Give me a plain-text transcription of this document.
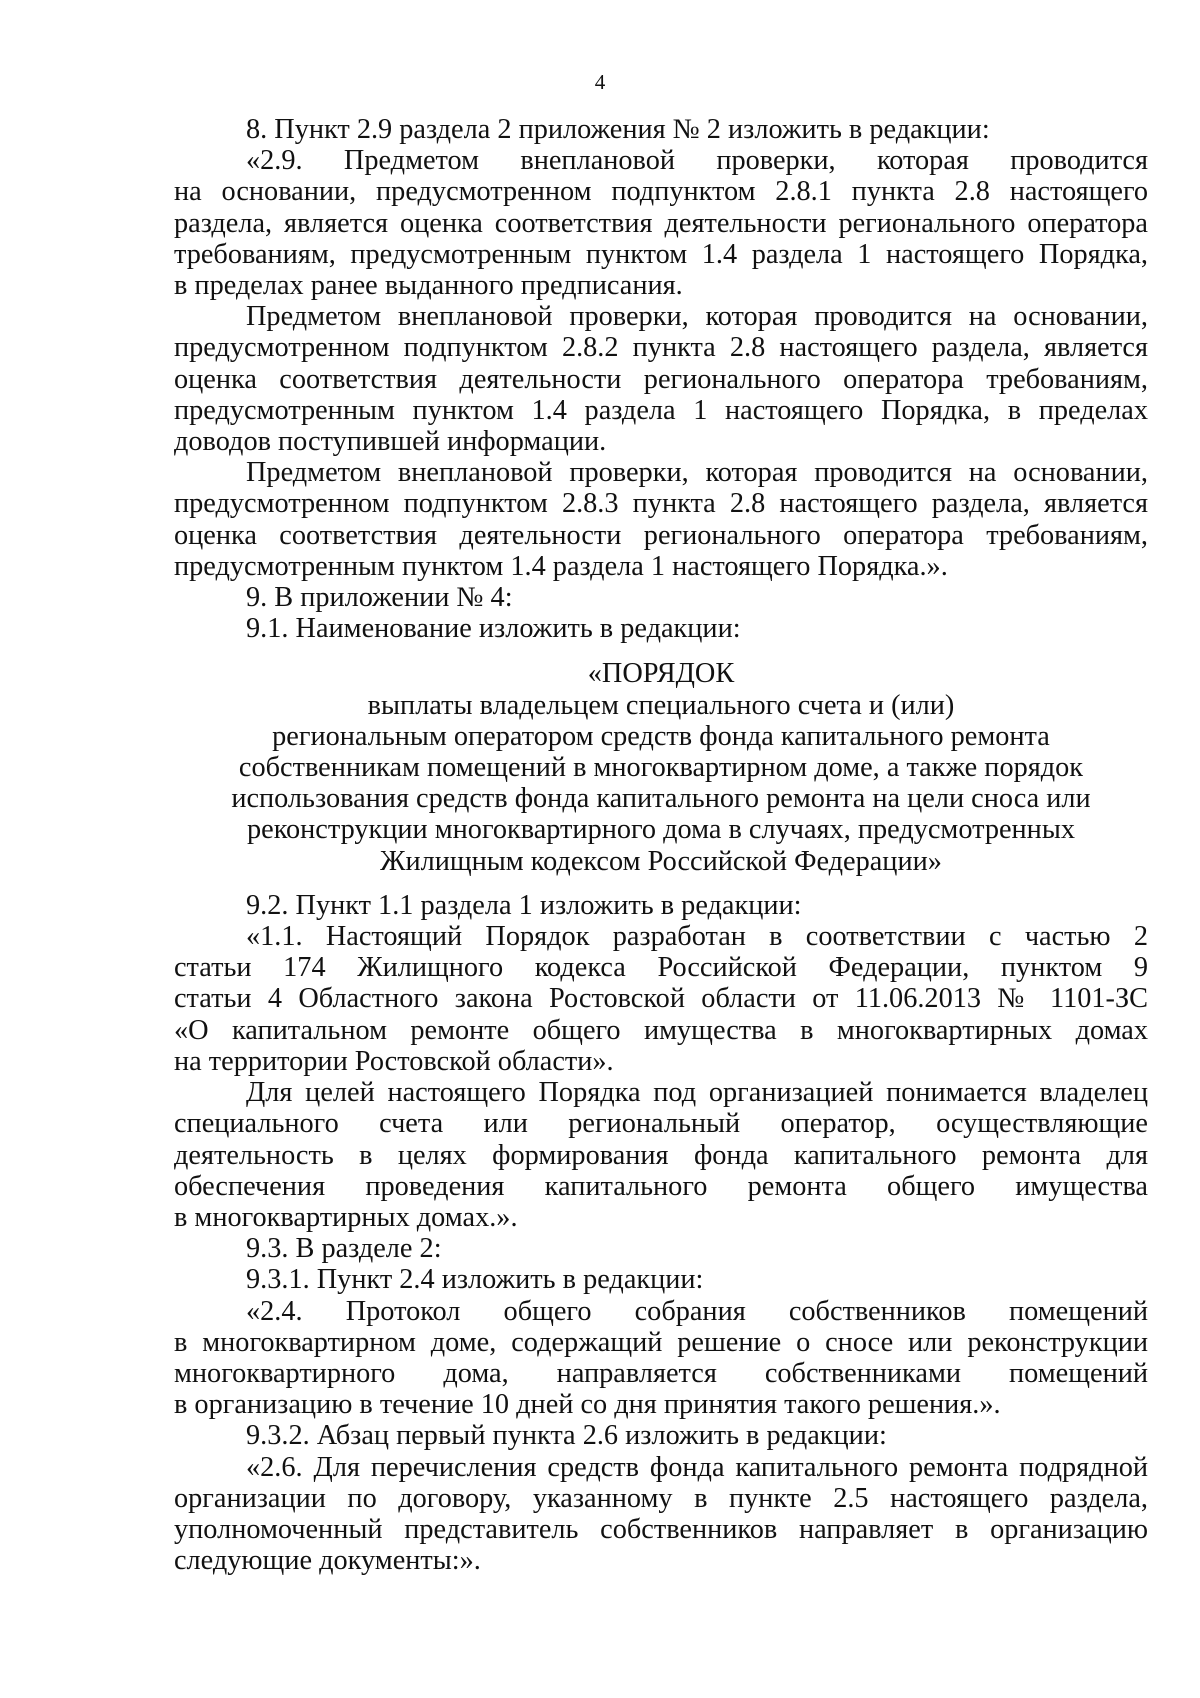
4
8. Пункт 2.9 раздела 2 приложения № 2 изложить в редакции:
«2.9. Предметом внеплановой проверки, которая проводится
на основании, предусмотренном подпунктом 2.8.1 пункта 2.8 настоящего
раздела, является оценка соответствия деятельности регионального оператора
требованиям, предусмотренным пунктом 1.4 раздела 1 настоящего Порядка,
в пределах ранее выданного предписания.
Предметом внеплановой проверки, которая проводится на основании,
предусмотренном подпунктом 2.8.2 пункта 2.8 настоящего раздела, является
оценка соответствия деятельности регионального оператора требованиям,
предусмотренным пунктом 1.4 раздела 1 настоящего Порядка, в пределах
доводов поступившей информации.
Предметом внеплановой проверки, которая проводится на основании,
предусмотренном подпунктом 2.8.3 пункта 2.8 настоящего раздела, является
оценка соответствия деятельности регионального оператора требованиям,
предусмотренным пунктом 1.4 раздела 1 настоящего Порядка.».
9. В приложении № 4:
9.1. Наименование изложить в редакции:
«ПОРЯДОК
выплаты владельцем специального счета и (или)
региональным оператором средств фонда капитального ремонта
собственникам помещений в многоквартирном доме, а также порядок
использования средств фонда капитального ремонта на цели сноса или
реконструкции многоквартирного дома в случаях, предусмотренных
Жилищным кодексом Российской Федерации»
9.2. Пункт 1.1 раздела 1 изложить в редакции:
«1.1. Настоящий Порядок разработан в соответствии с частью 2
статьи 174 Жилищного кодекса Российской Федерации, пунктом 9
статьи 4 Областного закона Ростовской области от 11.06.2013 № 1101-ЗС
«О капитальном ремонте общего имущества в многоквартирных домах
на территории Ростовской области».
Для целей настоящего Порядка под организацией понимается владелец
специального счета или региональный оператор, осуществляющие
деятельность в целях формирования фонда капитального ремонта для
обеспечения проведения капитального ремонта общего имущества
в многоквартирных домах.».
9.3. В разделе 2:
9.3.1. Пункт 2.4 изложить в редакции:
«2.4. Протокол общего собрания собственников помещений
в многоквартирном доме, содержащий решение о сносе или реконструкции
многоквартирного дома, направляется собственниками помещений
в организацию в течение 10 дней со дня принятия такого решения.».
9.3.2. Абзац первый пункта 2.6 изложить в редакции:
«2.6. Для перечисления средств фонда капитального ремонта подрядной
организации по договору, указанному в пункте 2.5 настоящего раздела,
уполномоченный представитель собственников направляет в организацию
следующие документы:».
